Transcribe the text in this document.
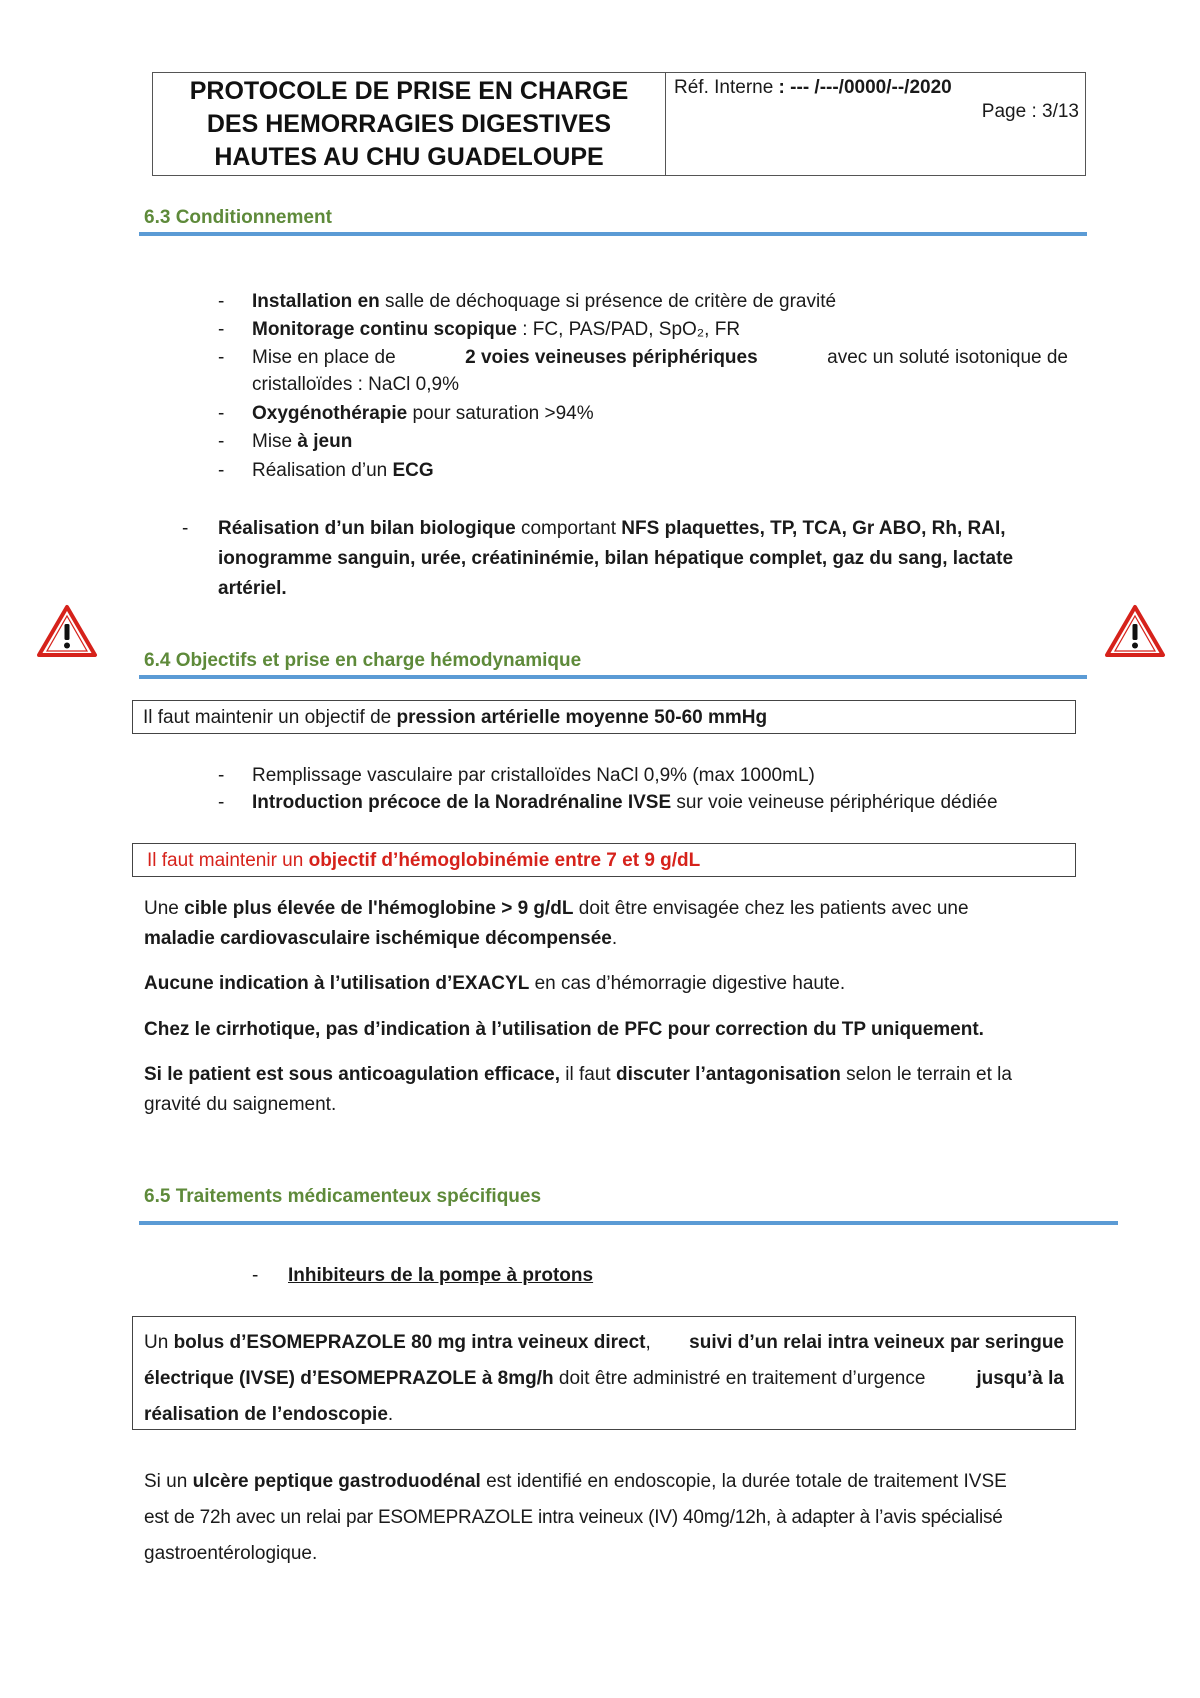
PROTOCOLE DE PRISE EN CHARGE
DES HEMORRAGIES DIGESTIVES
HAUTES AU CHU GUADELOUPE
Réf. Interne : --- /---/0000/--/2020
Page : 3/13
6.3 Conditionnement
- Installation en salle de déchoquage si présence de critère de gravité
- Monitorage continu scopique : FC, PAS/PAD, SpO₂, FR
- Mise en place de	2 voies veineuses périphériques	avec un soluté isotonique de
cristalloïdes : NaCl 0,9%
- Oxygénothérapie pour saturation >94%
- Mise à jeun
- Réalisation d’un ECG
- Réalisation d’un bilan biologique comportant NFS plaquettes, TP, TCA, Gr ABO, Rh, RAI,
ionogramme sanguin, urée, créatininémie, bilan hépatique complet, gaz du sang, lactate
artériel.
6.4 Objectifs et prise en charge hémodynamique
Il faut maintenir un objectif de pression artérielle moyenne 50-60 mmHg
- Remplissage vasculaire par cristalloïdes NaCl 0,9% (max 1000mL)
- Introduction précoce de la Noradrénaline IVSE sur voie veineuse périphérique dédiée
Il faut maintenir un objectif d’hémoglobinémie entre 7 et 9 g/dL
Une cible plus élevée de l'hémoglobine > 9 g/dL doit être envisagée chez les patients avec une
maladie cardiovasculaire ischémique décompensée.
Aucune indication à l’utilisation d’EXACYL en cas d’hémorragie digestive haute.
Chez le cirrhotique, pas d’indication à l’utilisation de PFC pour correction du TP uniquement.
Si le patient est sous anticoagulation efficace, il faut discuter l’antagonisation selon le terrain et la
gravité du saignement.
6.5 Traitements médicamenteux spécifiques
- Inhibiteurs de la pompe à protons
Un bolus d’ESOMEPRAZOLE 80 mg intra veineux direct, suivi d’un relai intra veineux par seringue
électrique (IVSE) d’ESOMEPRAZOLE à 8mg/h doit être administré en traitement d’urgence	jusqu’à la
réalisation de l’endoscopie.
Si un ulcère peptique gastroduodénal est identifié en endoscopie, la durée totale de traitement IVSE
est de 72h avec un relai par ESOMEPRAZOLE intra veineux (IV) 40mg/12h, à adapter à l’avis spécialisé
gastroentérologique.
